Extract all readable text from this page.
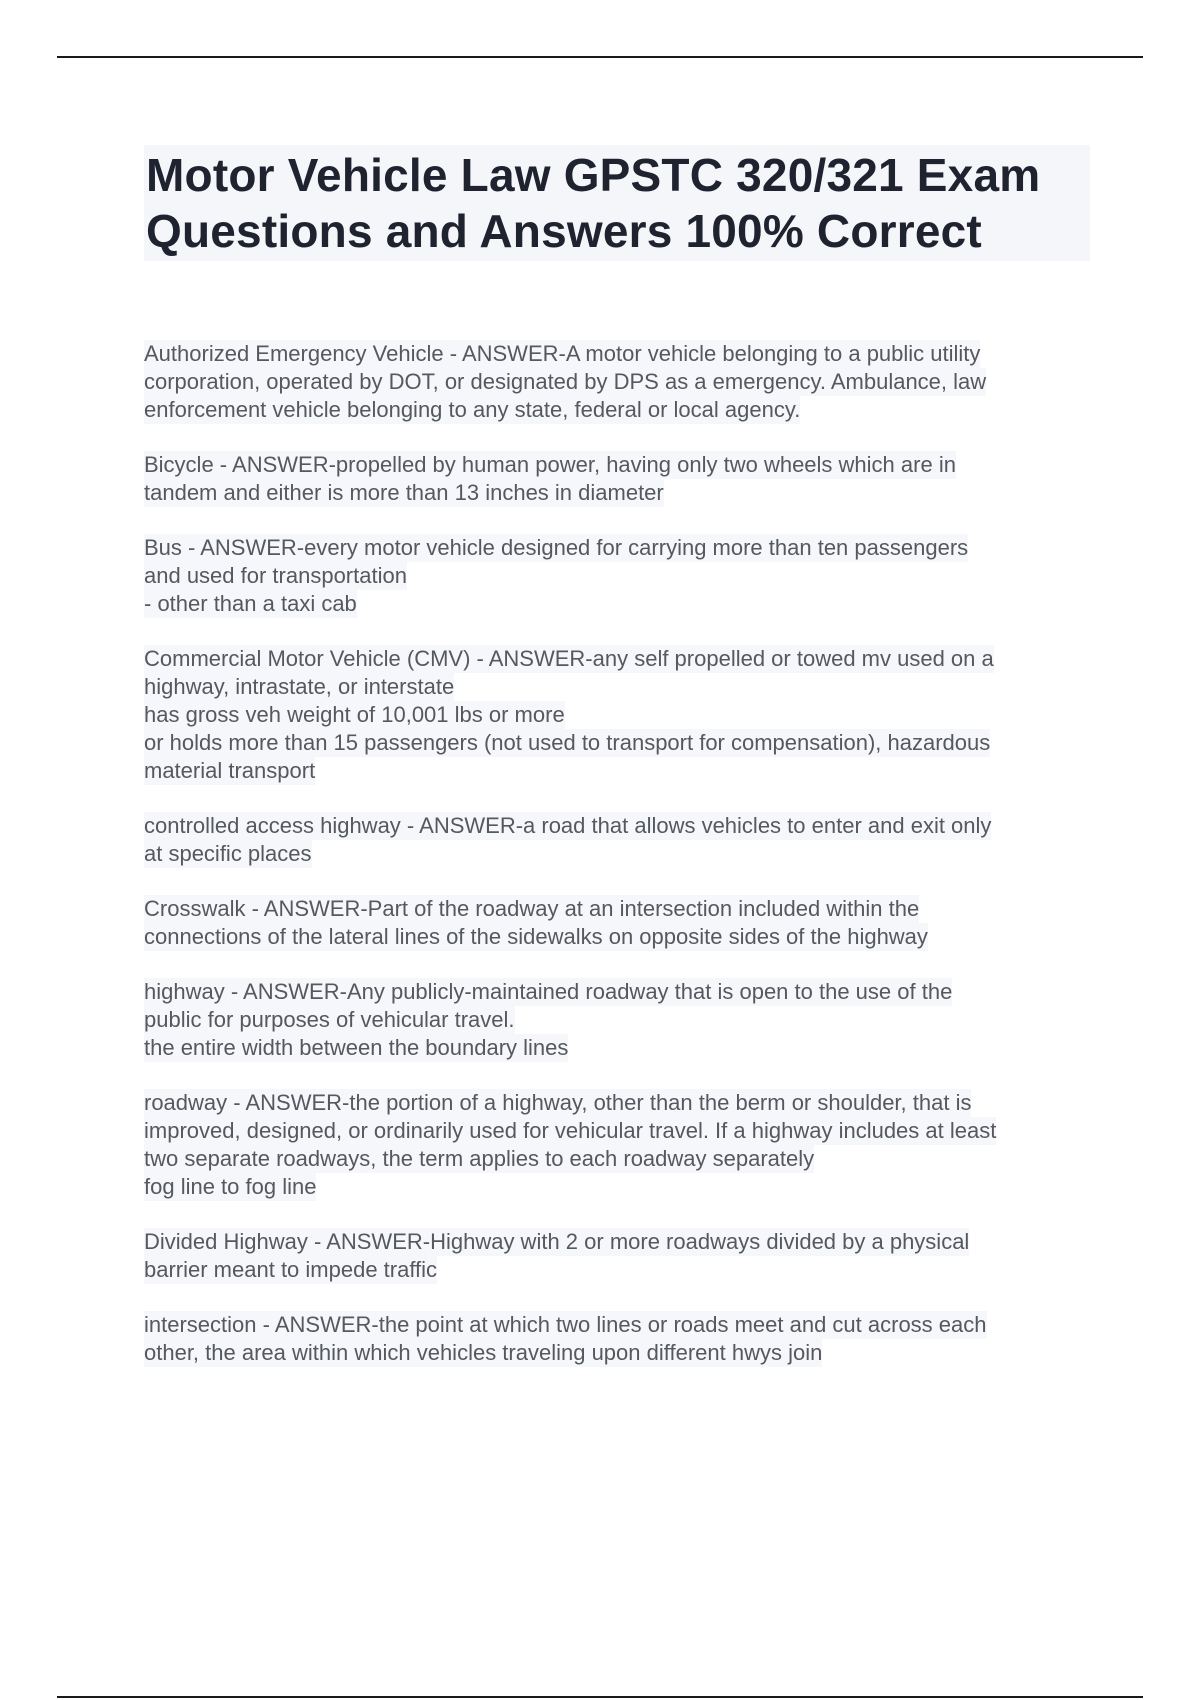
Motor Vehicle Law GPSTC 320/321 Exam
Questions and Answers 100% Correct
Authorized Emergency Vehicle - ANSWER-A motor vehicle belonging to a public utility
corporation, operated by DOT, or designated by DPS as a emergency. Ambulance, law
enforcement vehicle belonging to any state, federal or local agency.
Bicycle - ANSWER-propelled by human power, having only two wheels which are in
tandem and either is more than 13 inches in diameter
Bus - ANSWER-every motor vehicle designed for carrying more than ten passengers
and used for transportation
- other than a taxi cab
Commercial Motor Vehicle (CMV) - ANSWER-any self propelled or towed mv used on a
highway, intrastate, or interstate
has gross veh weight of 10,001 lbs or more
or holds more than 15 passengers (not used to transport for compensation), hazardous
material transport
controlled access highway - ANSWER-a road that allows vehicles to enter and exit only
at specific places
Crosswalk - ANSWER-Part of the roadway at an intersection included within the
connections of the lateral lines of the sidewalks on opposite sides of the highway
highway - ANSWER-Any publicly-maintained roadway that is open to the use of the
public for purposes of vehicular travel.
the entire width between the boundary lines
roadway - ANSWER-the portion of a highway, other than the berm or shoulder, that is
improved, designed, or ordinarily used for vehicular travel. If a highway includes at least
two separate roadways, the term applies to each roadway separately
fog line to fog line
Divided Highway - ANSWER-Highway with 2 or more roadways divided by a physical
barrier meant to impede traffic
intersection - ANSWER-the point at which two lines or roads meet and cut across each
other, the area within which vehicles traveling upon different hwys join
